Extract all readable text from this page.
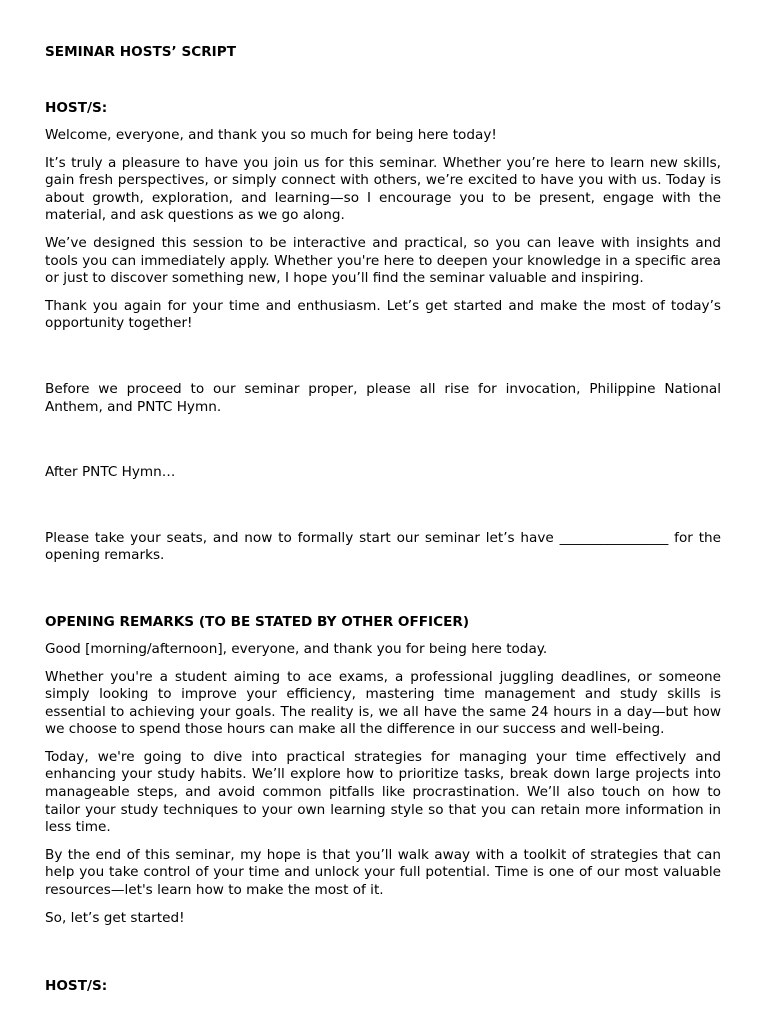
SEMINAR HOSTS’ SCRIPT

HOST/S:

Welcome, everyone, and thank you so much for being here today!

It’s truly a pleasure to have you join us for this seminar. Whether you’re here to learn new skills, gain fresh perspectives, or simply connect with others, we’re excited to have you with us. Today is about growth, exploration, and learning—so I encourage you to be present, engage with the material, and ask questions as we go along.

We’ve designed this session to be interactive and practical, so you can leave with insights and tools you can immediately apply. Whether you're here to deepen your knowledge in a specific area or just to discover something new, I hope you’ll find the seminar valuable and inspiring.

Thank you again for your time and enthusiasm. Let’s get started and make the most of today’s opportunity together!

Before we proceed to our seminar proper, please all rise for invocation, Philippine National Anthem, and PNTC Hymn.

After PNTC Hymn…

Please take your seats, and now to formally start our seminar let’s have ________________ for the opening remarks.

OPENING REMARKS (TO BE STATED BY OTHER OFFICER)

Good [morning/afternoon], everyone, and thank you for being here today.

Whether you're a student aiming to ace exams, a professional juggling deadlines, or someone simply looking to improve your efficiency, mastering time management and study skills is essential to achieving your goals. The reality is, we all have the same 24 hours in a day—but how we choose to spend those hours can make all the difference in our success and well-being.

Today, we're going to dive into practical strategies for managing your time effectively and enhancing your study habits. We’ll explore how to prioritize tasks, break down large projects into manageable steps, and avoid common pitfalls like procrastination. We’ll also touch on how to tailor your study techniques to your own learning style so that you can retain more information in less time.

By the end of this seminar, my hope is that you’ll walk away with a toolkit of strategies that can help you take control of your time and unlock your full potential. Time is one of our most valuable resources—let's learn how to make the most of it.

So, let’s get started!

HOST/S:
